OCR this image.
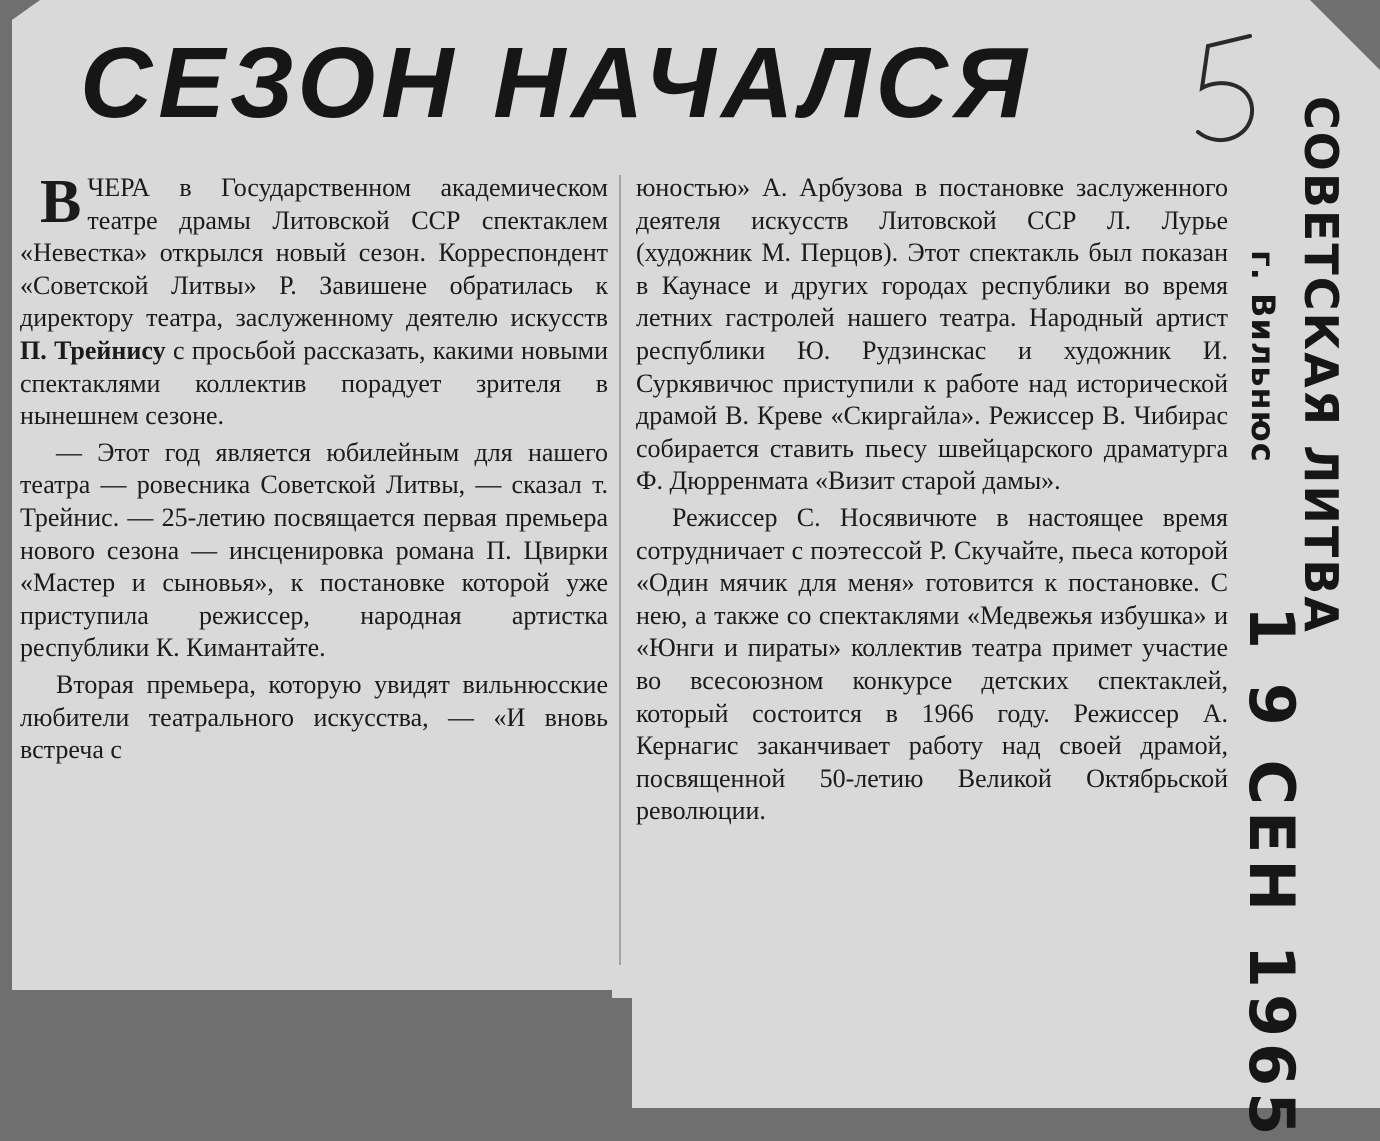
СЕЗОН НАЧАЛСЯ

ВЧЕРА в Государственном академическом театре драмы Литовской ССР спектаклем «Невестка» открылся новый сезон. Корреспондент «Советской Литвы» Р. Завишене обратилась к директору театра, заслуженному деятелю искусств П. Трейнису с просьбой рассказать, какими новыми спектаклями коллектив порадует зрителя в нынешнем сезоне.

— Этот год является юбилейным для нашего театра — ровесника Советской Литвы, — сказал т. Трейнис. — 25-летию посвящается первая премьера нового сезона — инсценировка романа П. Цвирки «Мастер и сыновья», к постановке которой уже приступила режиссер, народная артистка республики К. Кимантайте.

Вторая премьера, которую увидят вильнюсские любители театрального искусства, — «И вновь встреча с

юностью» А. Арбузова в постановке заслуженного деятеля искусств Литовской ССР Л. Лурье (художник М. Перцов). Этот спектакль был показан в Каунасе и других городах республики во время летних гастролей нашего театра. Народный артист республики Ю. Рудзинскас и художник И. Суркявичюс приступили к работе над исторической драмой В. Креве «Скиргайла». Режиссер В. Чибирас собирается ставить пьесу швейцарского драматурга Ф. Дюрренмата «Визит старой дамы».

Режиссер С. Носявичюте в настоящее время сотрудничает с поэтессой Р. Скучайте, пьеса которой «Один мячик для меня» готовится к постановке. С нею, а также со спектаклями «Медвежья избушка» и «Юнги и пираты» коллектив театра примет участие во всесоюзном конкурсе детских спектаклей, который состоится в 1966 году. Режиссер А. Кернагис заканчивает работу над своей драмой, посвященной 50-летию Великой Октябрьской революции.

СОВЕТСКАЯ ЛИТВА
г. Вильнюс
1 9 СЕН 1965
